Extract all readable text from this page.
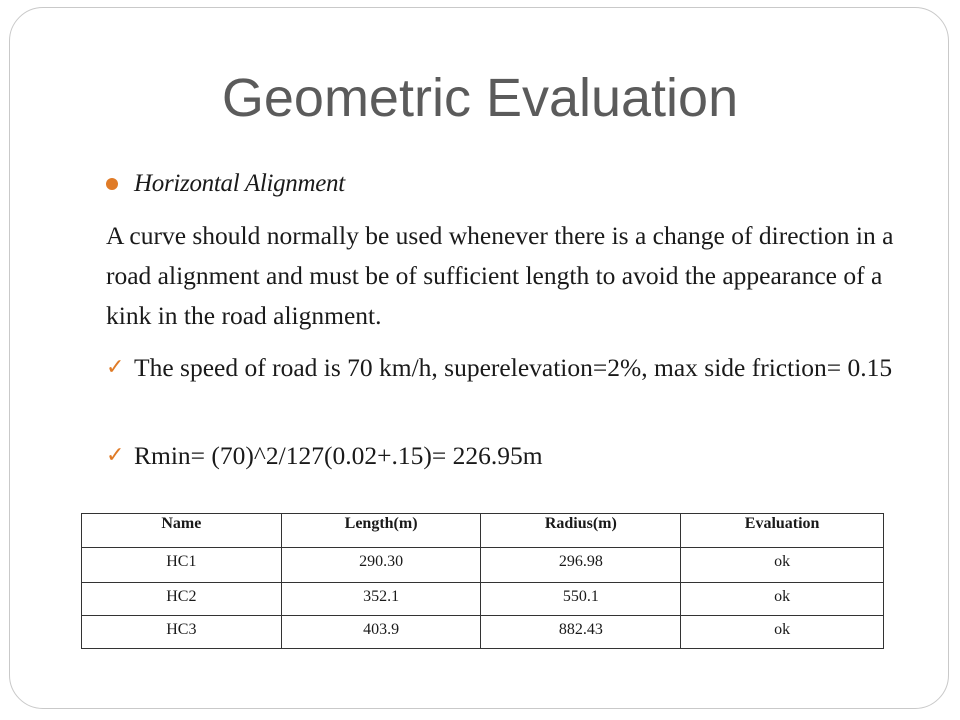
Geometric Evaluation
Horizontal Alignment

A curve should normally be used whenever there is a change of direction in a road alignment and must be of sufficient length to avoid the appearance of a kink in the road alignment.

✓ The speed of road is 70 km/h, superelevation=2%, max side friction= 0.15
✓ Rmin= (70)^2/127(0.02+.15)= 226.95m
Name	Length(m)	Radius(m)	Evaluation
HC1	290.30	296.98	ok
HC2	352.1	550.1	ok
HC3	403.9	882.43	ok
